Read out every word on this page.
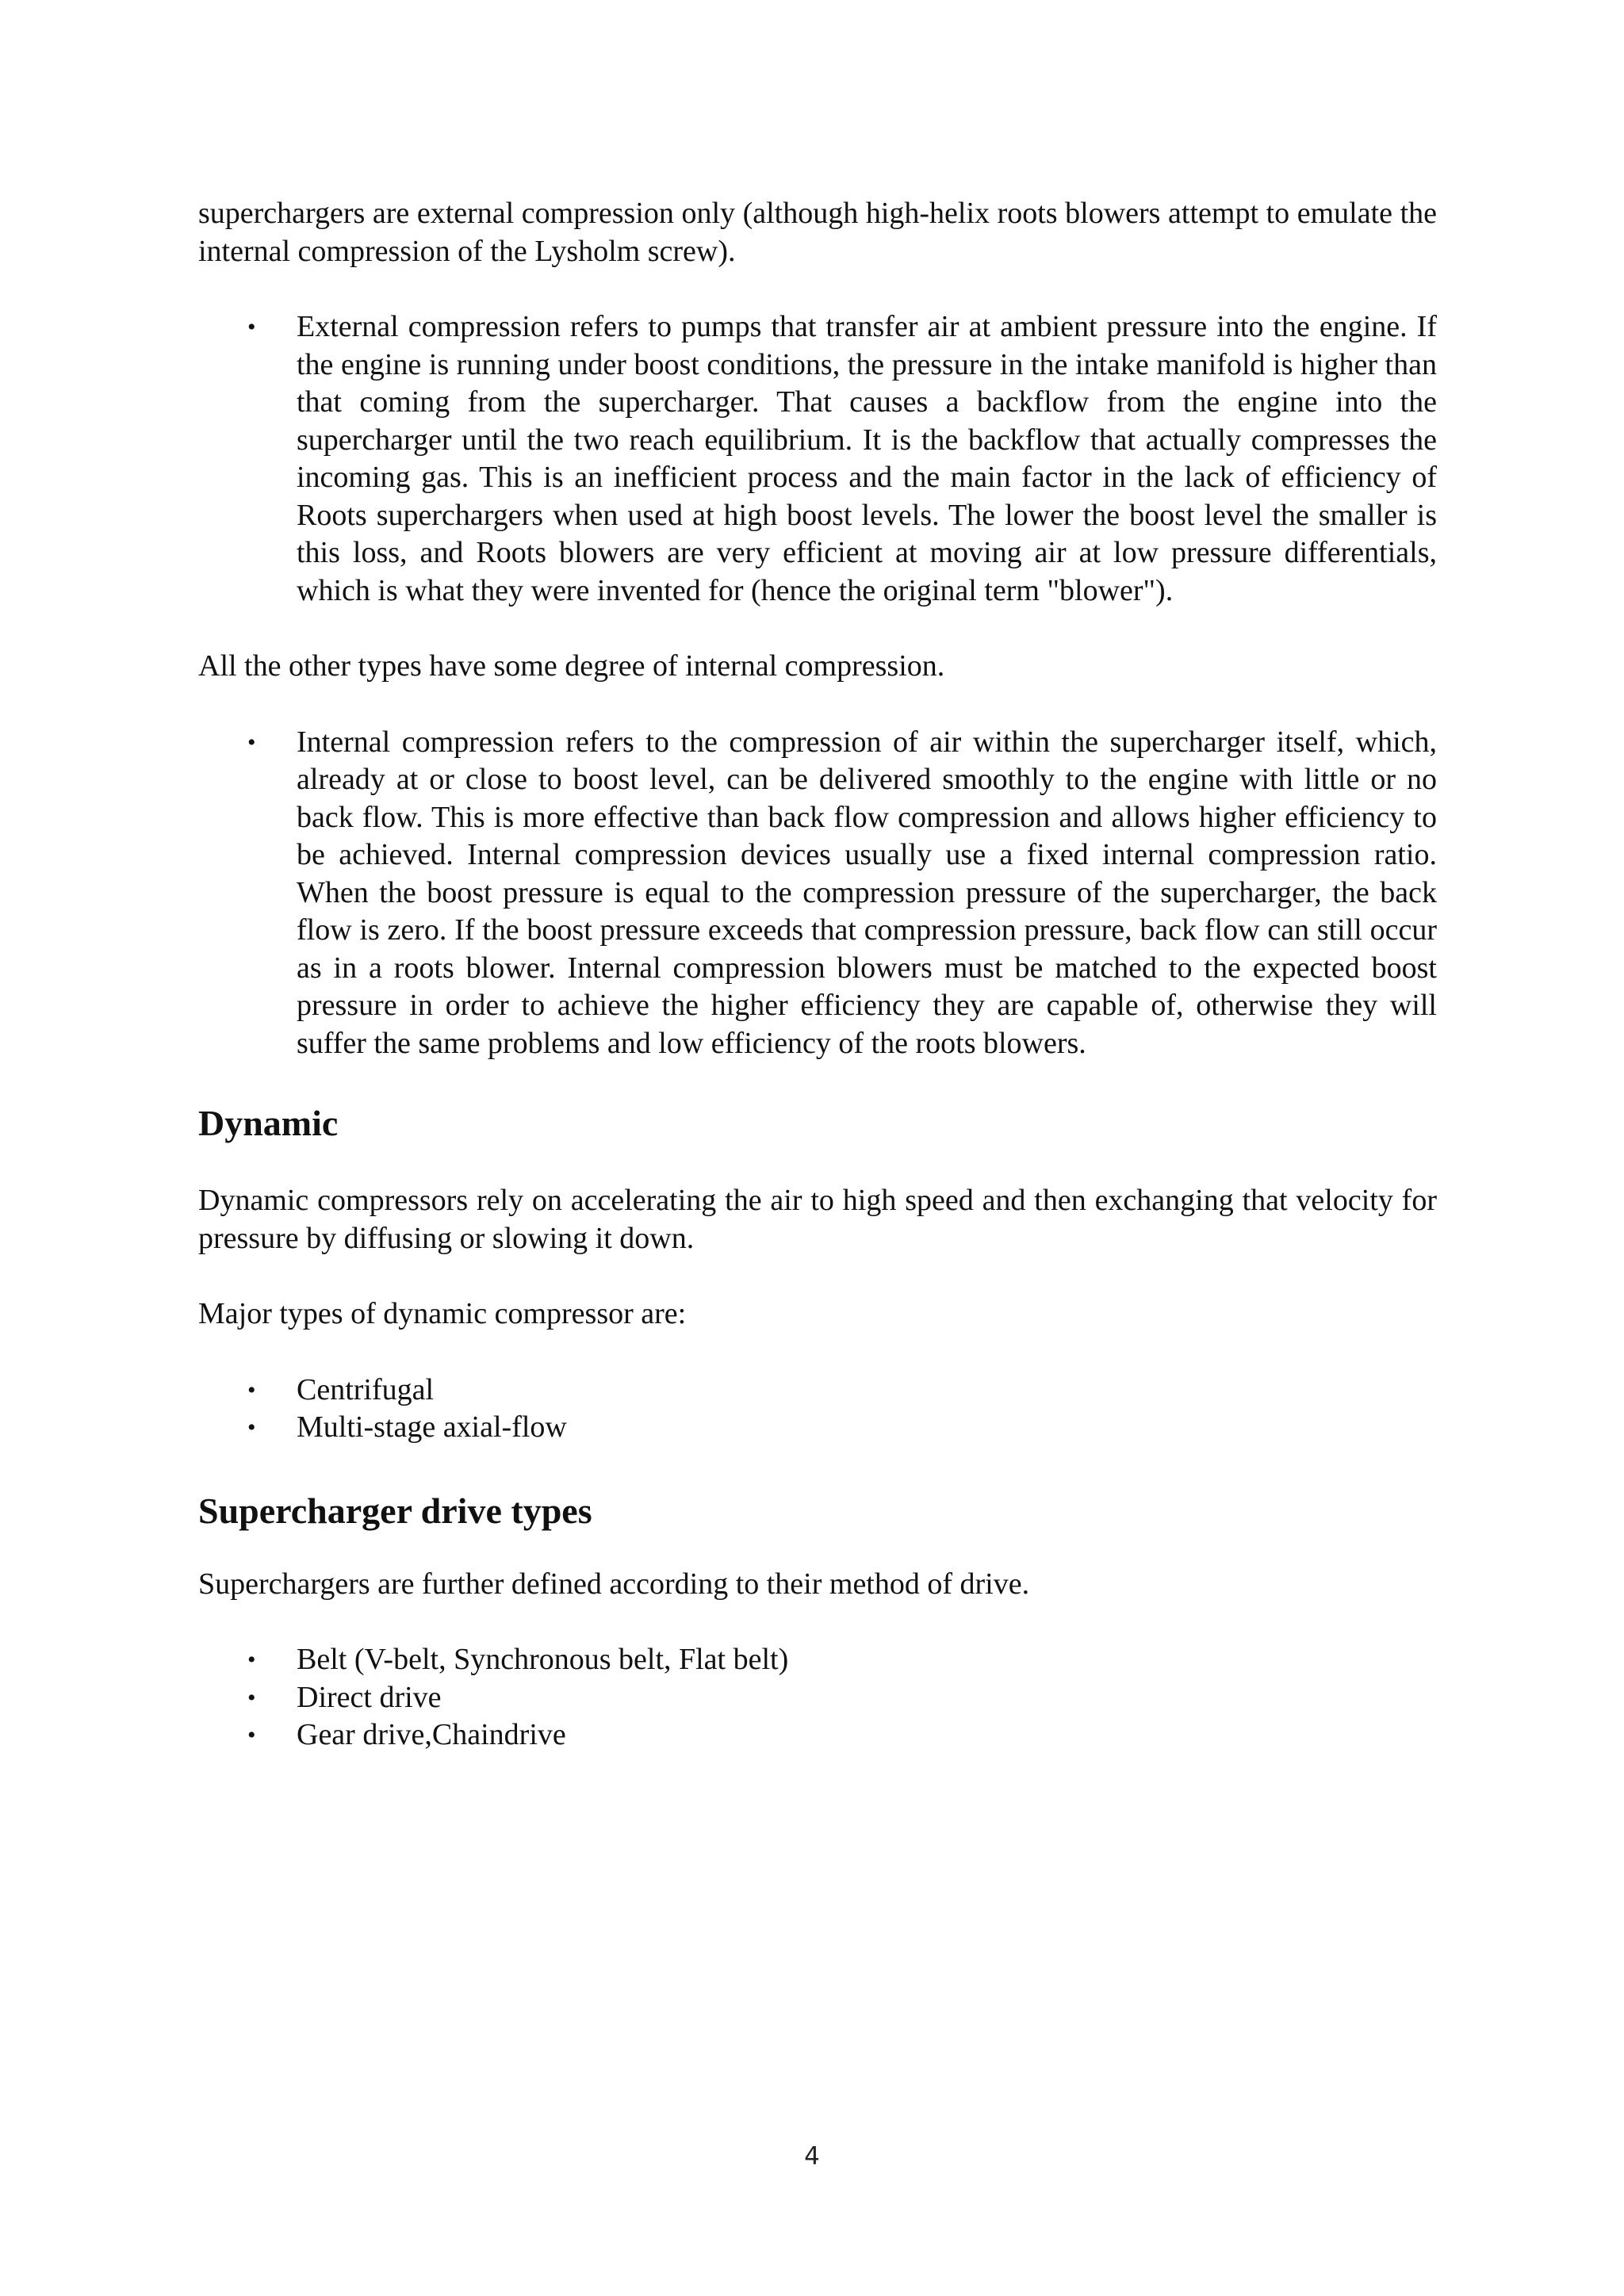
superchargers are external compression only (although high-helix roots blowers attempt to emulate the internal compression of the Lysholm screw).

• External compression refers to pumps that transfer air at ambient pressure into the engine. If the engine is running under boost conditions, the pressure in the intake manifold is higher than that coming from the supercharger. That causes a backflow from the engine into the supercharger until the two reach equilibrium. It is the backflow that actually compresses the incoming gas. This is an inefficient process and the main factor in the lack of efficiency of Roots superchargers when used at high boost levels. The lower the boost level the smaller is this loss, and Roots blowers are very efficient at moving air at low pressure differentials, which is what they were invented for (hence the original term "blower").

All the other types have some degree of internal compression.

• Internal compression refers to the compression of air within the supercharger itself, which, already at or close to boost level, can be delivered smoothly to the engine with little or no back flow. This is more effective than back flow compression and allows higher efficiency to be achieved. Internal compression devices usually use a fixed internal compression ratio. When the boost pressure is equal to the compression pressure of the supercharger, the back flow is zero. If the boost pressure exceeds that compression pressure, back flow can still occur as in a roots blower. Internal compression blowers must be matched to the expected boost pressure in order to achieve the higher efficiency they are capable of, otherwise they will suffer the same problems and low efficiency of the roots blowers.
Dynamic

Dynamic compressors rely on accelerating the air to high speed and then exchanging that velocity for pressure by diffusing or slowing it down.

Major types of dynamic compressor are:

• Centrifugal
• Multi-stage axial-flow
Supercharger drive types

Superchargers are further defined according to their method of drive.

• Belt (V-belt, Synchronous belt, Flat belt)
• Direct drive
• Gear drive,Chaindrive
4
